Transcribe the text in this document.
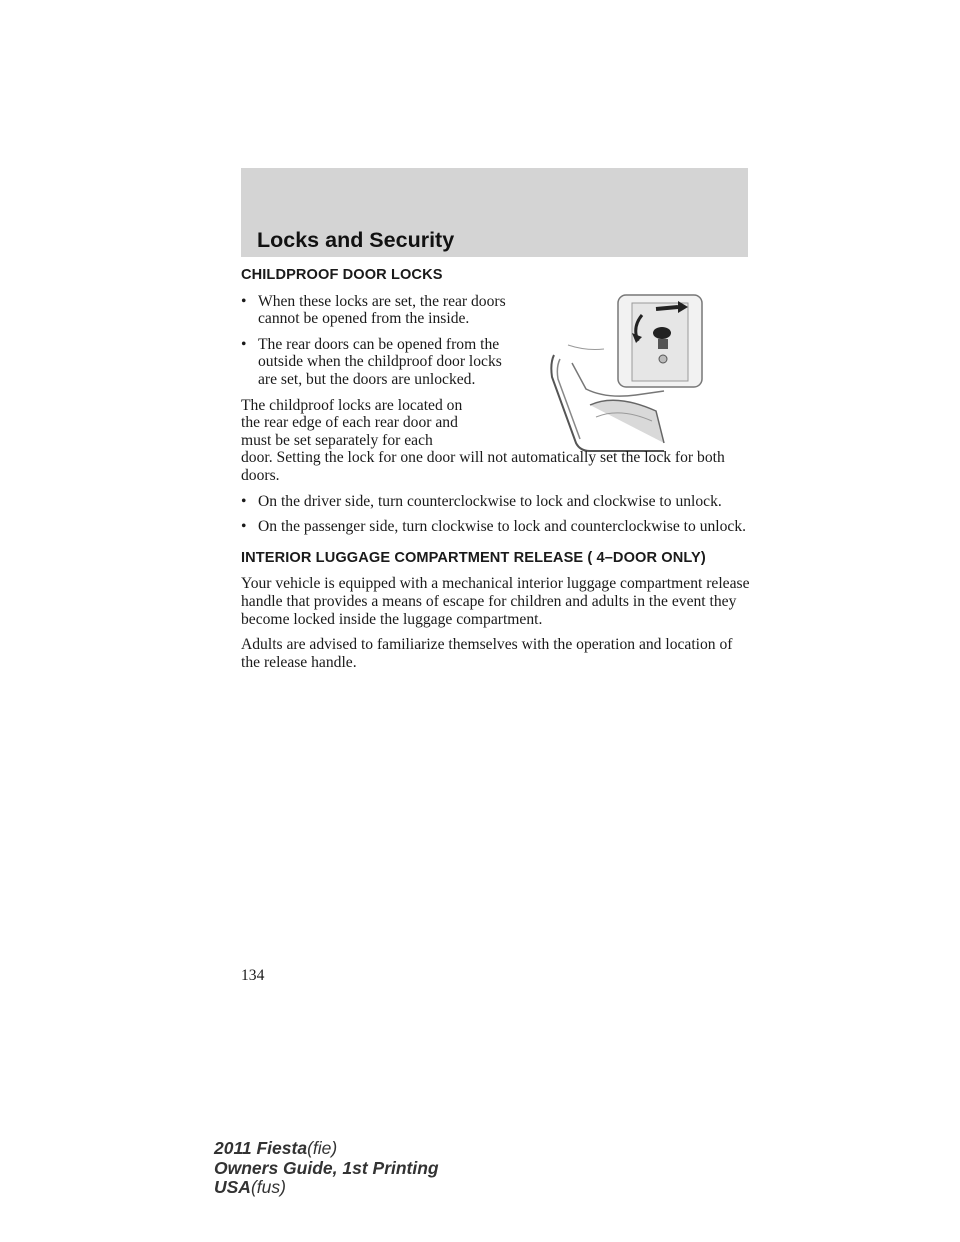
Locks and Security
CHILDPROOF DOOR LOCKS
• When these locks are set, the rear doors cannot be opened from the inside.
• The rear doors can be opened from the outside when the childproof door locks are set, but the doors are unlocked.

The childproof locks are located on
the rear edge of each rear door and
must be set separately for each
door. Setting the lock for one door will not automatically set the lock for both doors.

• On the driver side, turn counterclockwise to lock and clockwise to unlock.
• On the passenger side, turn clockwise to lock and counterclockwise to unlock.
INTERIOR LUGGAGE COMPARTMENT RELEASE ( 4–DOOR ONLY)

Your vehicle is equipped with a mechanical interior luggage compartment release handle that provides a means of escape for children and adults in the event they become locked inside the luggage compartment.

Adults are advised to familiarize themselves with the operation and location of the release handle.

134
2011 Fiesta(fie)
Owners Guide, 1st Printing
USA(fus)
